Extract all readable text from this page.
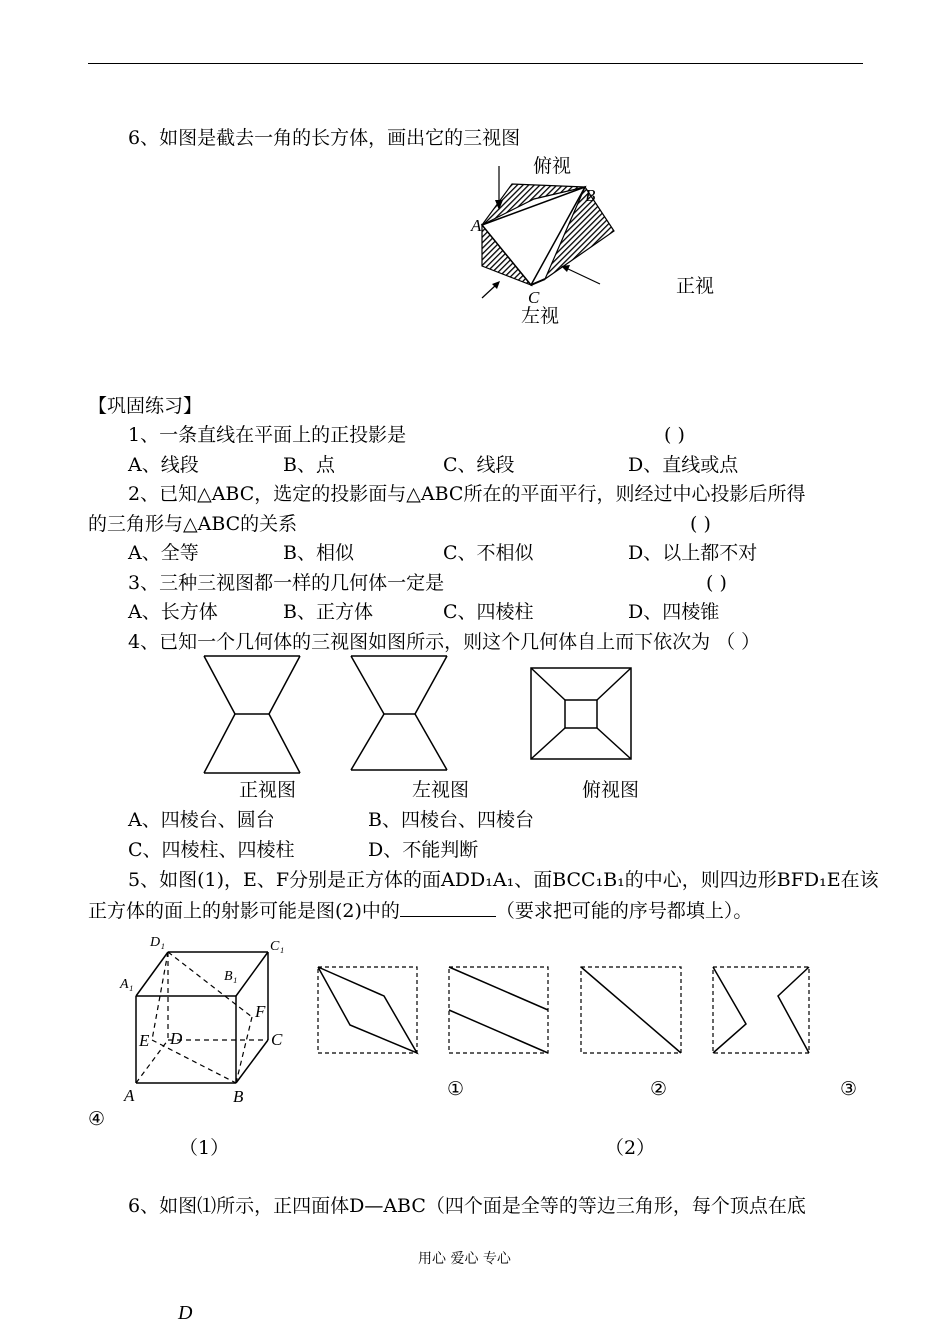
6、如图是截去一角的长方体，画出它的三视图
俯视
正视
左视
A
B
C
【巩固练习】
1、一条直线在平面上的正投影是	( )
A、线段	B、点	C、线段	D、直线或点
2、已知△ABC，选定的投影面与△ABC所在的平面平行，则经过中心投影后所得
的三角形与△ABC的关系	( )
A、全等	B、相似	C、不相似	D、以上都不对
3、三种三视图都一样的几何体一定是	( )
A、长方体	B、正方体	C、四棱柱	D、四棱锥
4、已知一个几何体的三视图如图所示，则这个几何体自上而下依次为 （ ）
正视图	左视图	俯视图
A、四棱台、圆台	B、四棱台、四棱台
C、四棱柱、四棱柱	D、不能判断
5、如图(1)，E、F分别是正方体的面ADD₁A₁、面BCC₁B₁的中心，则四边形BFD₁E在该
正方体的面上的射影可能是图(2)中的	（要求把可能的序号都填上）。
D₁	C₁
A₁
B₁
E D
F
C
A	B	①	②	③
④
（1）	（2）
6、如图⑴所示，正四面体D—ABC（四个面是全等的等边三角形，每个顶点在底
用心 爱心 专心
D
